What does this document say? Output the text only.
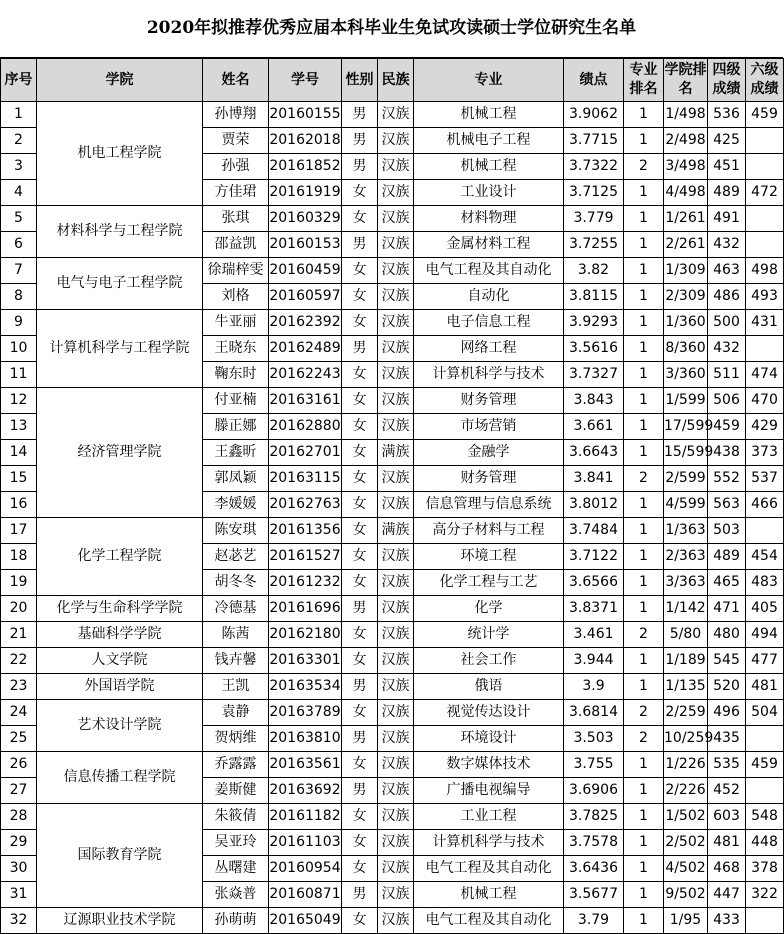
2020年拟推荐优秀应届本科毕业生免试攻读硕士学位研究生名单
序号	学院	姓名	学号	性别	民族	专业	绩点	专业排名	学院排名	四级成绩	六级成绩
1	机电工程学院	孙博翔	20160155	男	汉族	机械工程	3.9062	1	1/498	536	459
2		贾荣	20162018	男	汉族	机械电子工程	3.7715	1	2/498	425	
3		孙强	20161852	男	汉族	机械工程	3.7322	2	3/498	451	
4		方佳珺	20161919	女	汉族	工业设计	3.7125	1	4/498	489	472
5	材料科学与工程学院	张琪	20160329	女	汉族	材料物理	3.779	1	1/261	491	
6		邵益凯	20160153	男	汉族	金属材料工程	3.7255	1	2/261	432	
7	电气与电子工程学院	徐瑞梓雯	20160459	女	汉族	电气工程及其自动化	3.82	1	1/309	463	498
8		刘格	20160597	女	汉族	自动化	3.8115	1	2/309	486	493
9	计算机科学与工程学院	牛亚丽	20162392	女	汉族	电子信息工程	3.9293	1	1/360	500	431
10		王晓东	20162489	男	汉族	网络工程	3.5616	1	8/360	432	
11		鞠东时	20162243	女	汉族	计算机科学与技术	3.7327	1	3/360	511	474
12	经济管理学院	付亚楠	20163161	女	汉族	财务管理	3.843	1	1/599	506	470
13		滕正娜	20162880	女	汉族	市场营销	3.661	1	17/599	459	429
14		王鑫昕	20162701	女	满族	金融学	3.6643	1	15/599	438	373
15		郭凤颖	20163115	女	汉族	财务管理	3.841	2	2/599	552	537
16		李媛媛	20162763	女	汉族	信息管理与信息系统	3.8012	1	4/599	563	466
17	化学工程学院	陈安琪	20161356	女	满族	高分子材料与工程	3.7484	1	1/363	503	
18		赵苾艺	20161527	女	汉族	环境工程	3.7122	1	2/363	489	454
19		胡冬冬	20161232	女	汉族	化学工程与工艺	3.6566	1	3/363	465	483
20	化学与生命科学学院	冷德基	20161696	男	汉族	化学	3.8371	1	1/142	471	405
21	基础科学学院	陈茜	20162180	女	汉族	统计学	3.461	2	5/80	480	494
22	人文学院	钱卉馨	20163301	女	汉族	社会工作	3.944	1	1/189	545	477
23	外国语学院	王凯	20163534	男	汉族	俄语	3.9	1	1/135	520	481
24	艺术设计学院	袁静	20163789	女	汉族	视觉传达设计	3.6814	2	2/259	496	504
25		贺炳维	20163810	男	汉族	环境设计	3.503	2	10/259	435	
26	信息传播工程学院	乔露露	20163561	女	汉族	数字媒体技术	3.755	1	1/226	535	459
27		姜斯健	20163692	男	汉族	广播电视编导	3.6906	1	2/226	452	
28	国际教育学院	朱筱倩	20161182	女	汉族	工业工程	3.7825	1	1/502	603	548
29		吴亚玲	20161103	女	汉族	计算机科学与技术	3.7578	1	2/502	481	448
30		丛曙建	20160954	女	汉族	电气工程及其自动化	3.6436	1	4/502	468	378
31		张焱普	20160871	男	汉族	机械工程	3.5677	1	9/502	447	322
32	辽源职业技术学院	孙萌萌	20165049	女	汉族	电气工程及其自动化	3.79	1	1/95	433	
